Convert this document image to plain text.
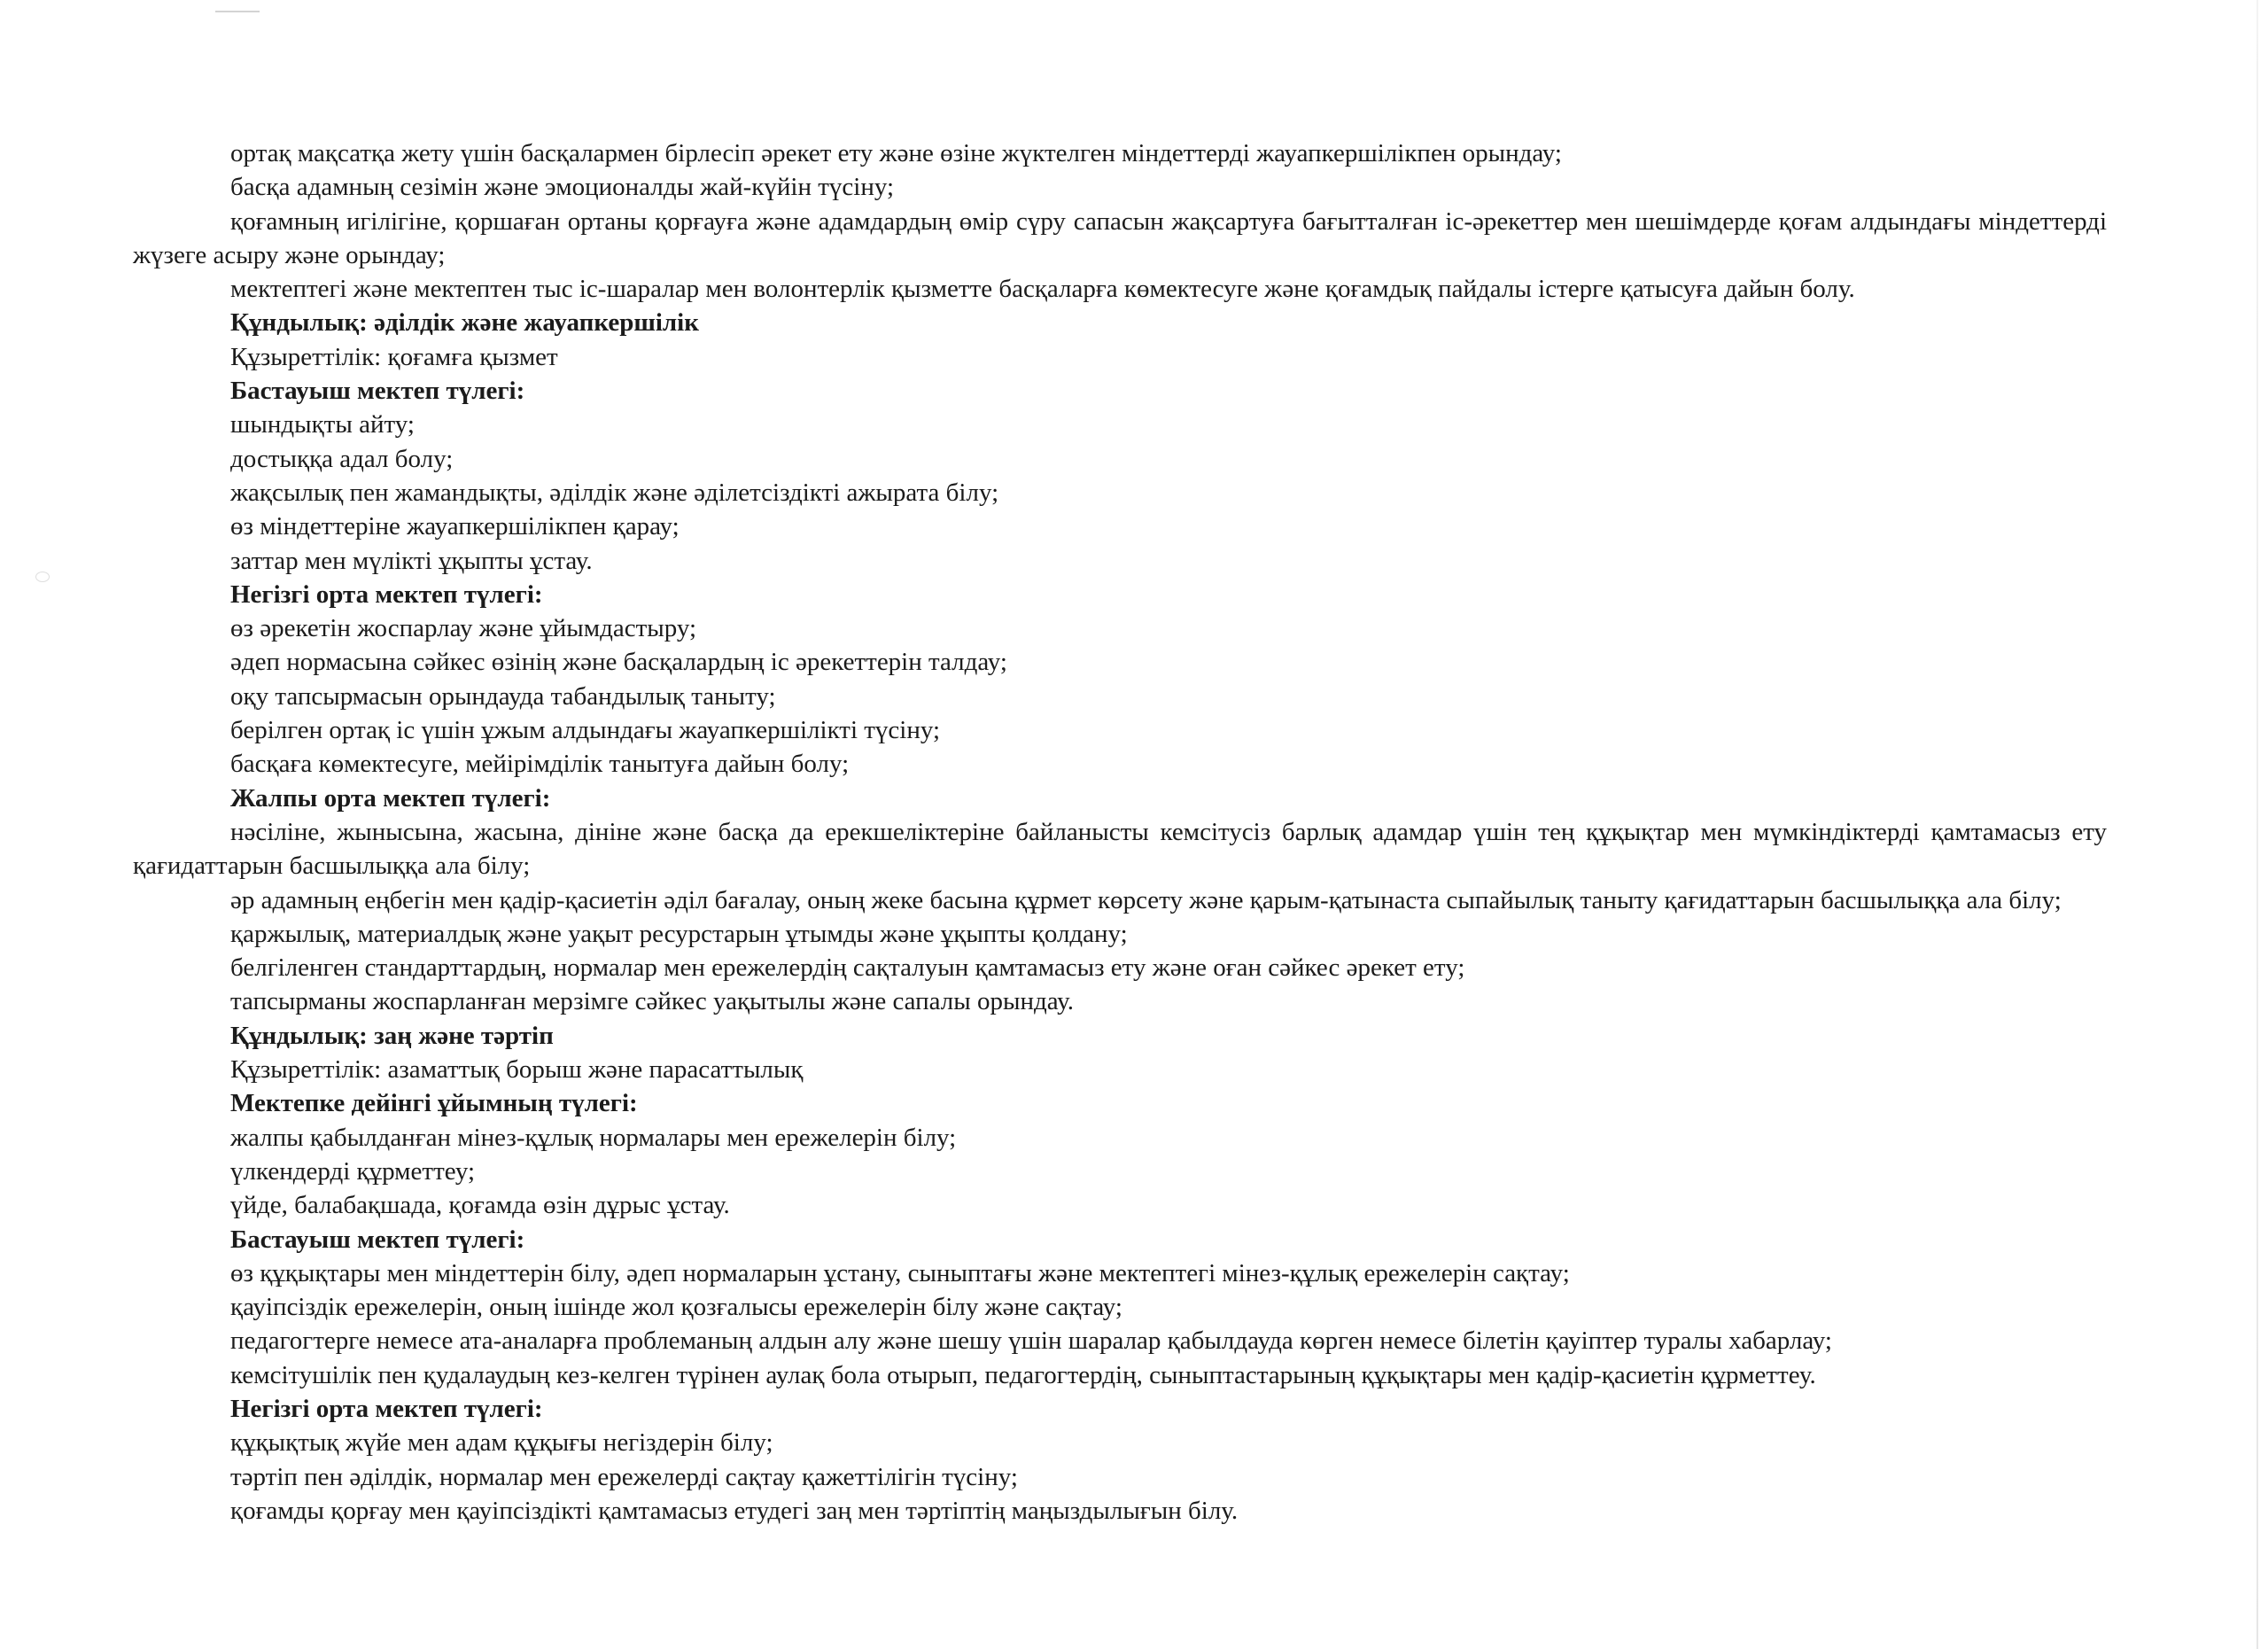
ортақ мақсатқа жету үшін басқалармен бірлесіп әрекет ету және өзіне жүктелген міндеттерді жауапкершілікпен орындау;

басқа адамның сезімін және эмоционалды жай-күйін түсіну;

қоғамның игілігіне, қоршаған ортаны қорғауға және адамдардың өмір сүру сапасын жақсартуға бағытталған іс-әрекеттер мен шешімдерде қоғам алдындағы міндеттерді жүзеге асыру және орындау;

мектептегі және мектептен тыс іс-шаралар мен волонтерлік қызметте басқаларға көмектесуге және қоғамдық пайдалы істерге қатысуға дайын болу.

Құндылық: әділдік және жауапкершілік

Құзыреттілік: қоғамға қызмет

Бастауыш мектеп түлегі:

шындықты айту;

достыққа адал болу;

жақсылық пен жамандықты, әділдік және әділетсіздікті ажырата білу;

өз міндеттеріне жауапкершілікпен қарау;

заттар мен мүлікті ұқыпты ұстау.

Негізгі орта мектеп түлегі:

өз әрекетін жоспарлау және ұйымдастыру;

әдеп нормасына сәйкес өзінің және басқалардың іс әрекеттерін талдау;

оқу тапсырмасын орындауда табандылық таныту;

берілген ортақ іс үшін ұжым алдындағы жауапкершілікті түсіну;

басқаға көмектесуге, мейірімділік танытуға дайын болу;

Жалпы орта мектеп түлегі:

нәсіліне, жынысына, жасына, дініне және басқа да ерекшеліктеріне байланысты кемсітусіз барлық адамдар үшін тең құқықтар мен мүмкіндіктерді қамтамасыз ету қағидаттарын басшылыққа ала білу;

әр адамның еңбегін мен қадір-қасиетін әділ бағалау, оның жеке басына құрмет көрсету және қарым-қатынаста сыпайылық таныту қағидаттарын басшылыққа ала білу;

қаржылық, материалдық және уақыт ресурстарын ұтымды және ұқыпты қолдану;

белгіленген стандарттардың, нормалар мен ережелердің сақталуын қамтамасыз ету және оған сәйкес әрекет ету;

тапсырманы жоспарланған мерзімге сәйкес уақытылы және сапалы орындау.

Құндылық: заң және тәртіп

Құзыреттілік: азаматтық борыш және парасаттылық

Мектепке дейінгі ұйымның түлегі:

жалпы қабылданған мінез-құлық нормалары мен ережелерін білу;

үлкендерді құрметтеу;

үйде, балабақшада, қоғамда өзін дұрыс ұстау.

Бастауыш мектеп түлегі:

өз құқықтары мен міндеттерін білу, әдеп нормаларын ұстану, сыныптағы және мектептегі мінез-құлық ережелерін сақтау;

қауіпсіздік ережелерін, оның ішінде жол қозғалысы ережелерін білу және сақтау;

педагогтерге немесе ата-аналарға проблеманың алдын алу және шешу үшін шаралар қабылдауда көрген немесе білетін қауіптер туралы хабарлау;

кемсітушілік пен қудалаудың кез-келген түрінен аулақ бола отырып, педагогтердің, сыныптастарының құқықтары мен қадір-қасиетін құрметтеу.

Негізгі орта мектеп түлегі:

құқықтық жүйе мен адам құқығы негіздерін білу;

тәртіп пен әділдік, нормалар мен ережелерді сақтау қажеттілігін түсіну;

қоғамды қорғау мен қауіпсіздікті қамтамасыз етудегі заң мен тәртіптің маңыздылығын білу.
